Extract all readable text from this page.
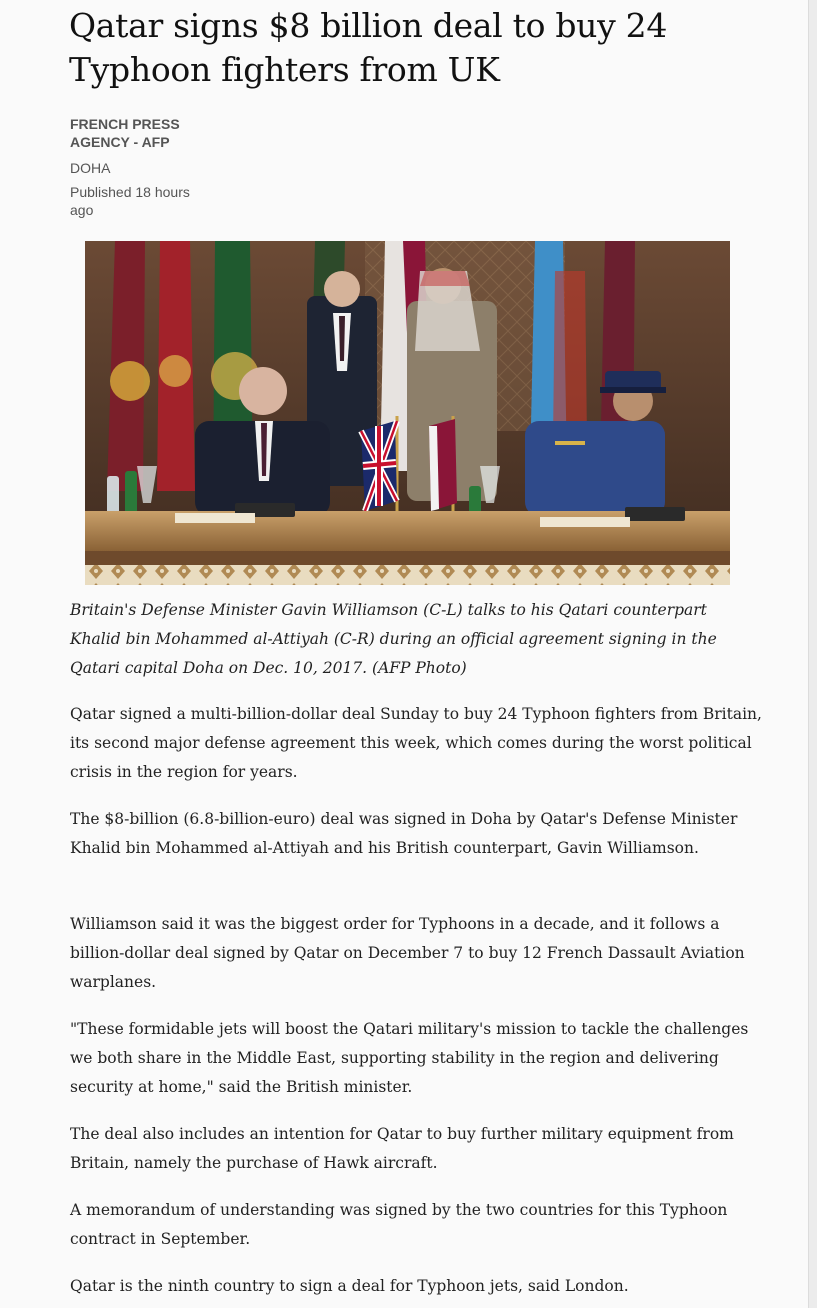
Qatar signs $8 billion deal to buy 24 Typhoon fighters from UK

FRENCH PRESS AGENCY - AFP

DOHA

Published 18 hours ago

Britain's Defense Minister Gavin Williamson (C-L) talks to his Qatari counterpart Khalid bin Mohammed al-Attiyah (C-R) during an official agreement signing in the Qatari capital Doha on Dec. 10, 2017. (AFP Photo)

Qatar signed a multi-billion-dollar deal Sunday to buy 24 Typhoon fighters from Britain, its second major defense agreement this week, which comes during the worst political crisis in the region for years.

The $8-billion (6.8-billion-euro) deal was signed in Doha by Qatar's Defense Minister Khalid bin Mohammed al-Attiyah and his British counterpart, Gavin Williamson.

Williamson said it was the biggest order for Typhoons in a decade, and it follows a billion-dollar deal signed by Qatar on December 7 to buy 12 French Dassault Aviation warplanes.

"These formidable jets will boost the Qatari military's mission to tackle the challenges we both share in the Middle East, supporting stability in the region and delivering security at home," said the British minister.

The deal also includes an intention for Qatar to buy further military equipment from Britain, namely the purchase of Hawk aircraft.

A memorandum of understanding was signed by the two countries for this Typhoon contract in September.

Qatar is the ninth country to sign a deal for Typhoon jets, said London.
